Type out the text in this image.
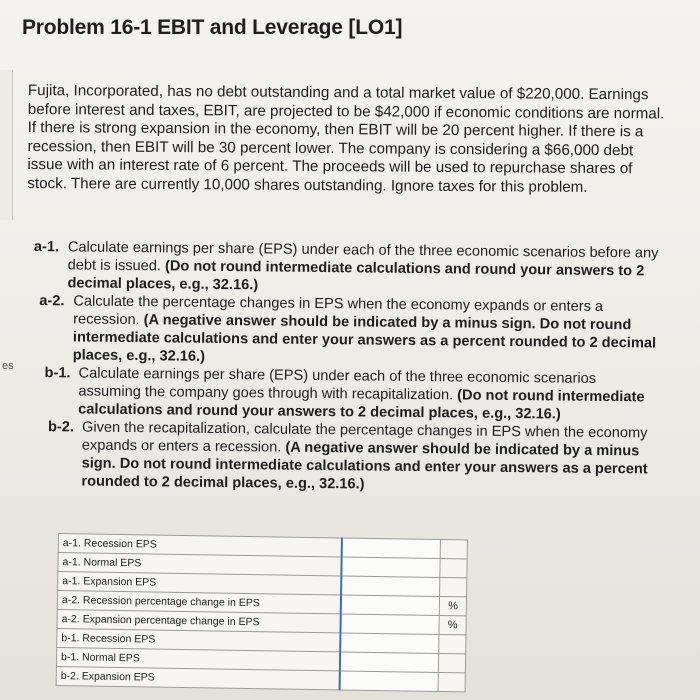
es
Problem 16-1 EBIT and Leverage [LO1]
Fujita, Incorporated, has no debt outstanding and a total market value of $220,000. Earnings before interest and taxes, EBIT, are projected to be $42,000 if economic conditions are normal. If there is strong expansion in the economy, then EBIT will be 20 percent higher. If there is a recession, then EBIT will be 30 percent lower. The company is considering a $66,000 debt issue with an interest rate of 6 percent. The proceeds will be used to repurchase shares of stock. There are currently 10,000 shares outstanding. Ignore taxes for this problem.
a-1. Calculate earnings per share (EPS) under each of the three economic scenarios before any debt is issued. (Do not round intermediate calculations and round your answers to 2 decimal places, e.g., 32.16.)
a-2. Calculate the percentage changes in EPS when the economy expands or enters a recession. (A negative answer should be indicated by a minus sign. Do not round intermediate calculations and enter your answers as a percent rounded to 2 decimal places, e.g., 32.16.)
b-1. Calculate earnings per share (EPS) under each of the three economic scenarios assuming the company goes through with recapitalization. (Do not round intermediate calculations and round your answers to 2 decimal places, e.g., 32.16.)
b-2. Given the recapitalization, calculate the percentage changes in EPS when the economy expands or enters a recession. (A negative answer should be indicated by a minus sign. Do not round intermediate calculations and enter your answers as a percent rounded to 2 decimal places, e.g., 32.16.)
a-1. Recession EPS		
a-1. Normal EPS		
a-1. Expansion EPS		
a-2. Recession percentage change in EPS		%
a-2. Expansion percentage change in EPS		%
b-1. Recession EPS		
b-1. Normal EPS		
b-2. Expansion EPS		
